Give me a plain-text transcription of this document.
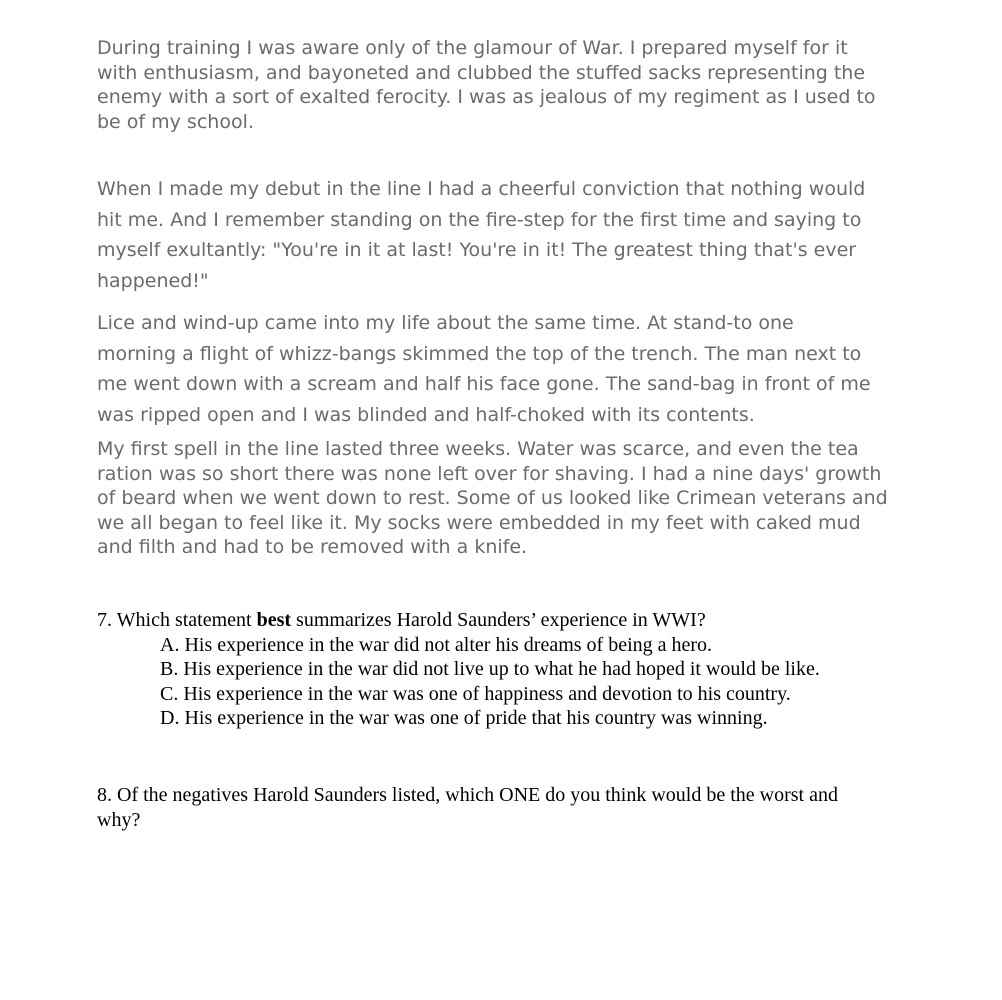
During training I was aware only of the glamour of War. I prepared myself for it
with enthusiasm, and bayoneted and clubbed the stuffed sacks representing the
enemy with a sort of exalted ferocity. I was as jealous of my regiment as I used to
be of my school.

When I made my debut in the line I had a cheerful conviction that nothing would
hit me. And I remember standing on the fire-step for the first time and saying to
myself exultantly: "You're in it at last! You're in it! The greatest thing that's ever
happened!"

Lice and wind-up came into my life about the same time. At stand-to one
morning a flight of whizz-bangs skimmed the top of the trench. The man next to
me went down with a scream and half his face gone. The sand-bag in front of me
was ripped open and I was blinded and half-choked with its contents.

My first spell in the line lasted three weeks. Water was scarce, and even the tea
ration was so short there was none left over for shaving. I had a nine days' growth
of beard when we went down to rest. Some of us looked like Crimean veterans and
we all began to feel like it. My socks were embedded in my feet with caked mud
and filth and had to be removed with a knife.

7. Which statement best summarizes Harold Saunders’ experience in WWI?
A. His experience in the war did not alter his dreams of being a hero.
B. His experience in the war did not live up to what he had hoped it would be like.
C. His experience in the war was one of happiness and devotion to his country.
D. His experience in the war was one of pride that his country was winning.
8. Of the negatives Harold Saunders listed, which ONE do you think would be the worst and
why?
